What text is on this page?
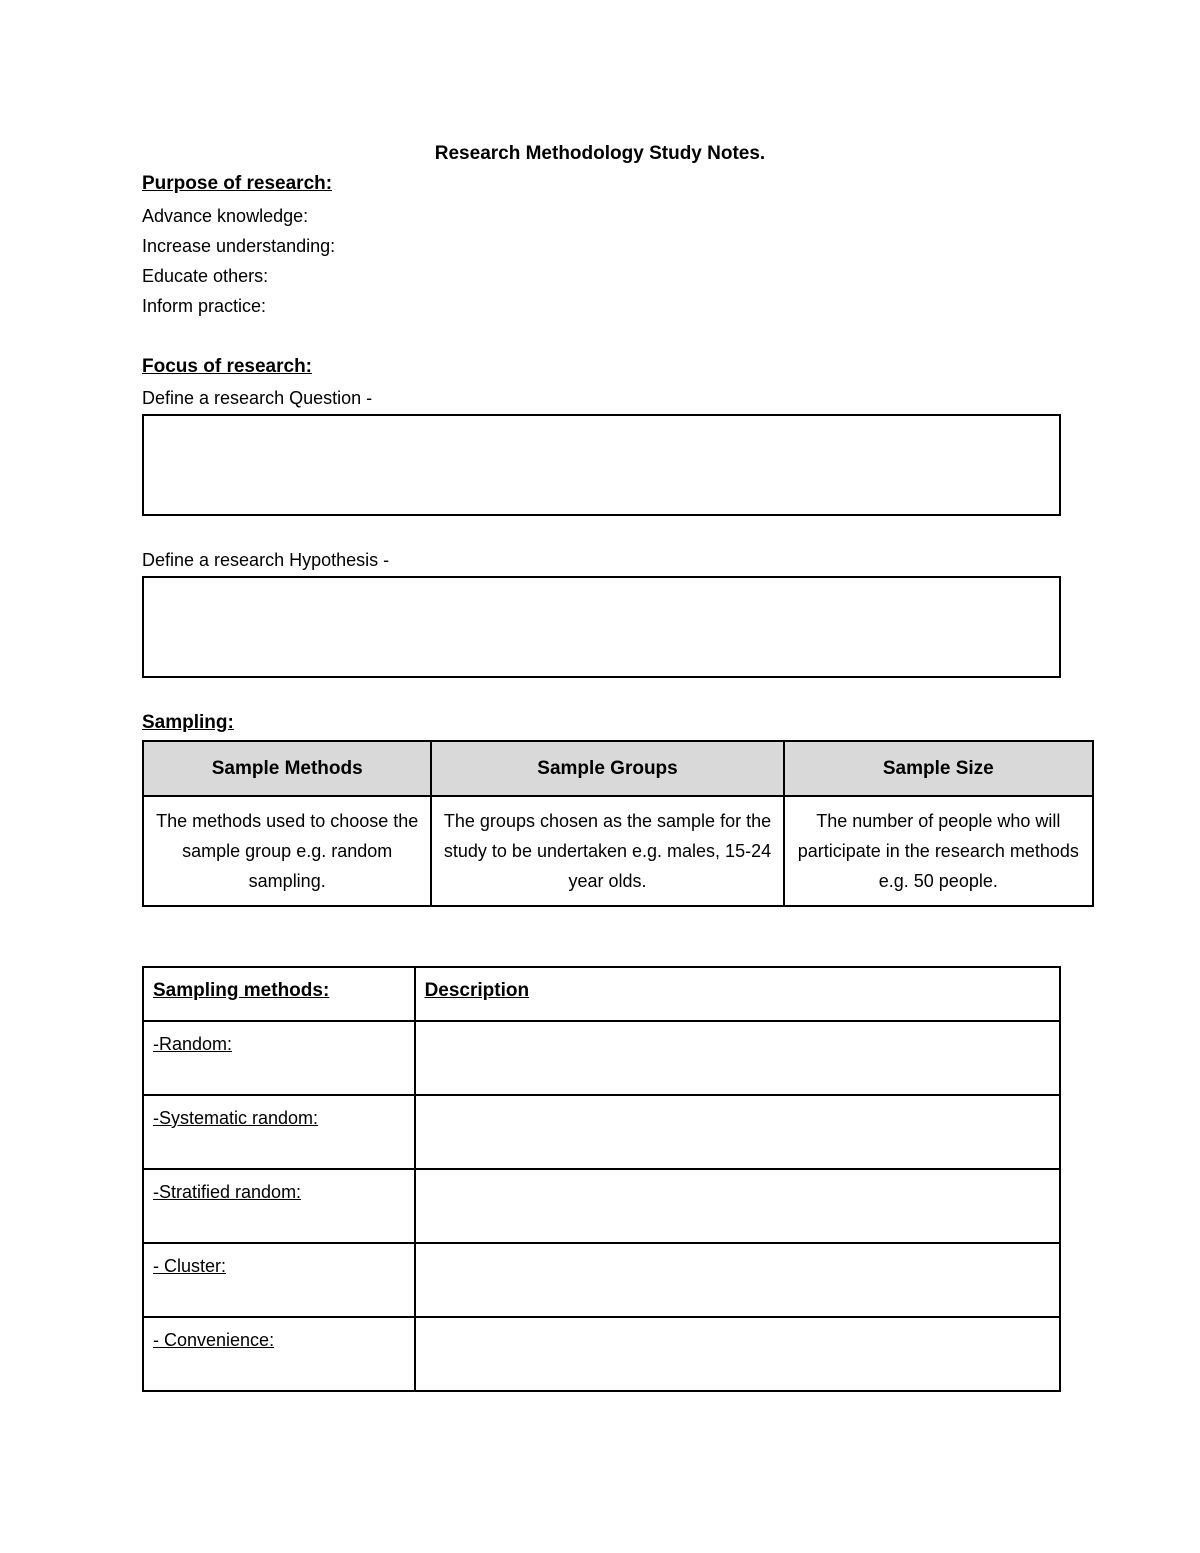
Research Methodology Study Notes.
Purpose of research:
Advance knowledge:
Increase understanding:
Educate others:
Inform practice:
Focus of research:
Define a research Question -
Define a research Hypothesis -
Sampling:
Sample Methods	Sample Groups	Sample Size
The methods used to choose the sample group e.g. random sampling.	The groups chosen as the sample for the study to be undertaken e.g. males, 15-24 year olds.	The number of people who will participate in the research methods e.g. 50 people.
Sampling methods:	Description
-Random:	
-Systematic random:	
-Stratified random:	
- Cluster:	
- Convenience:	
